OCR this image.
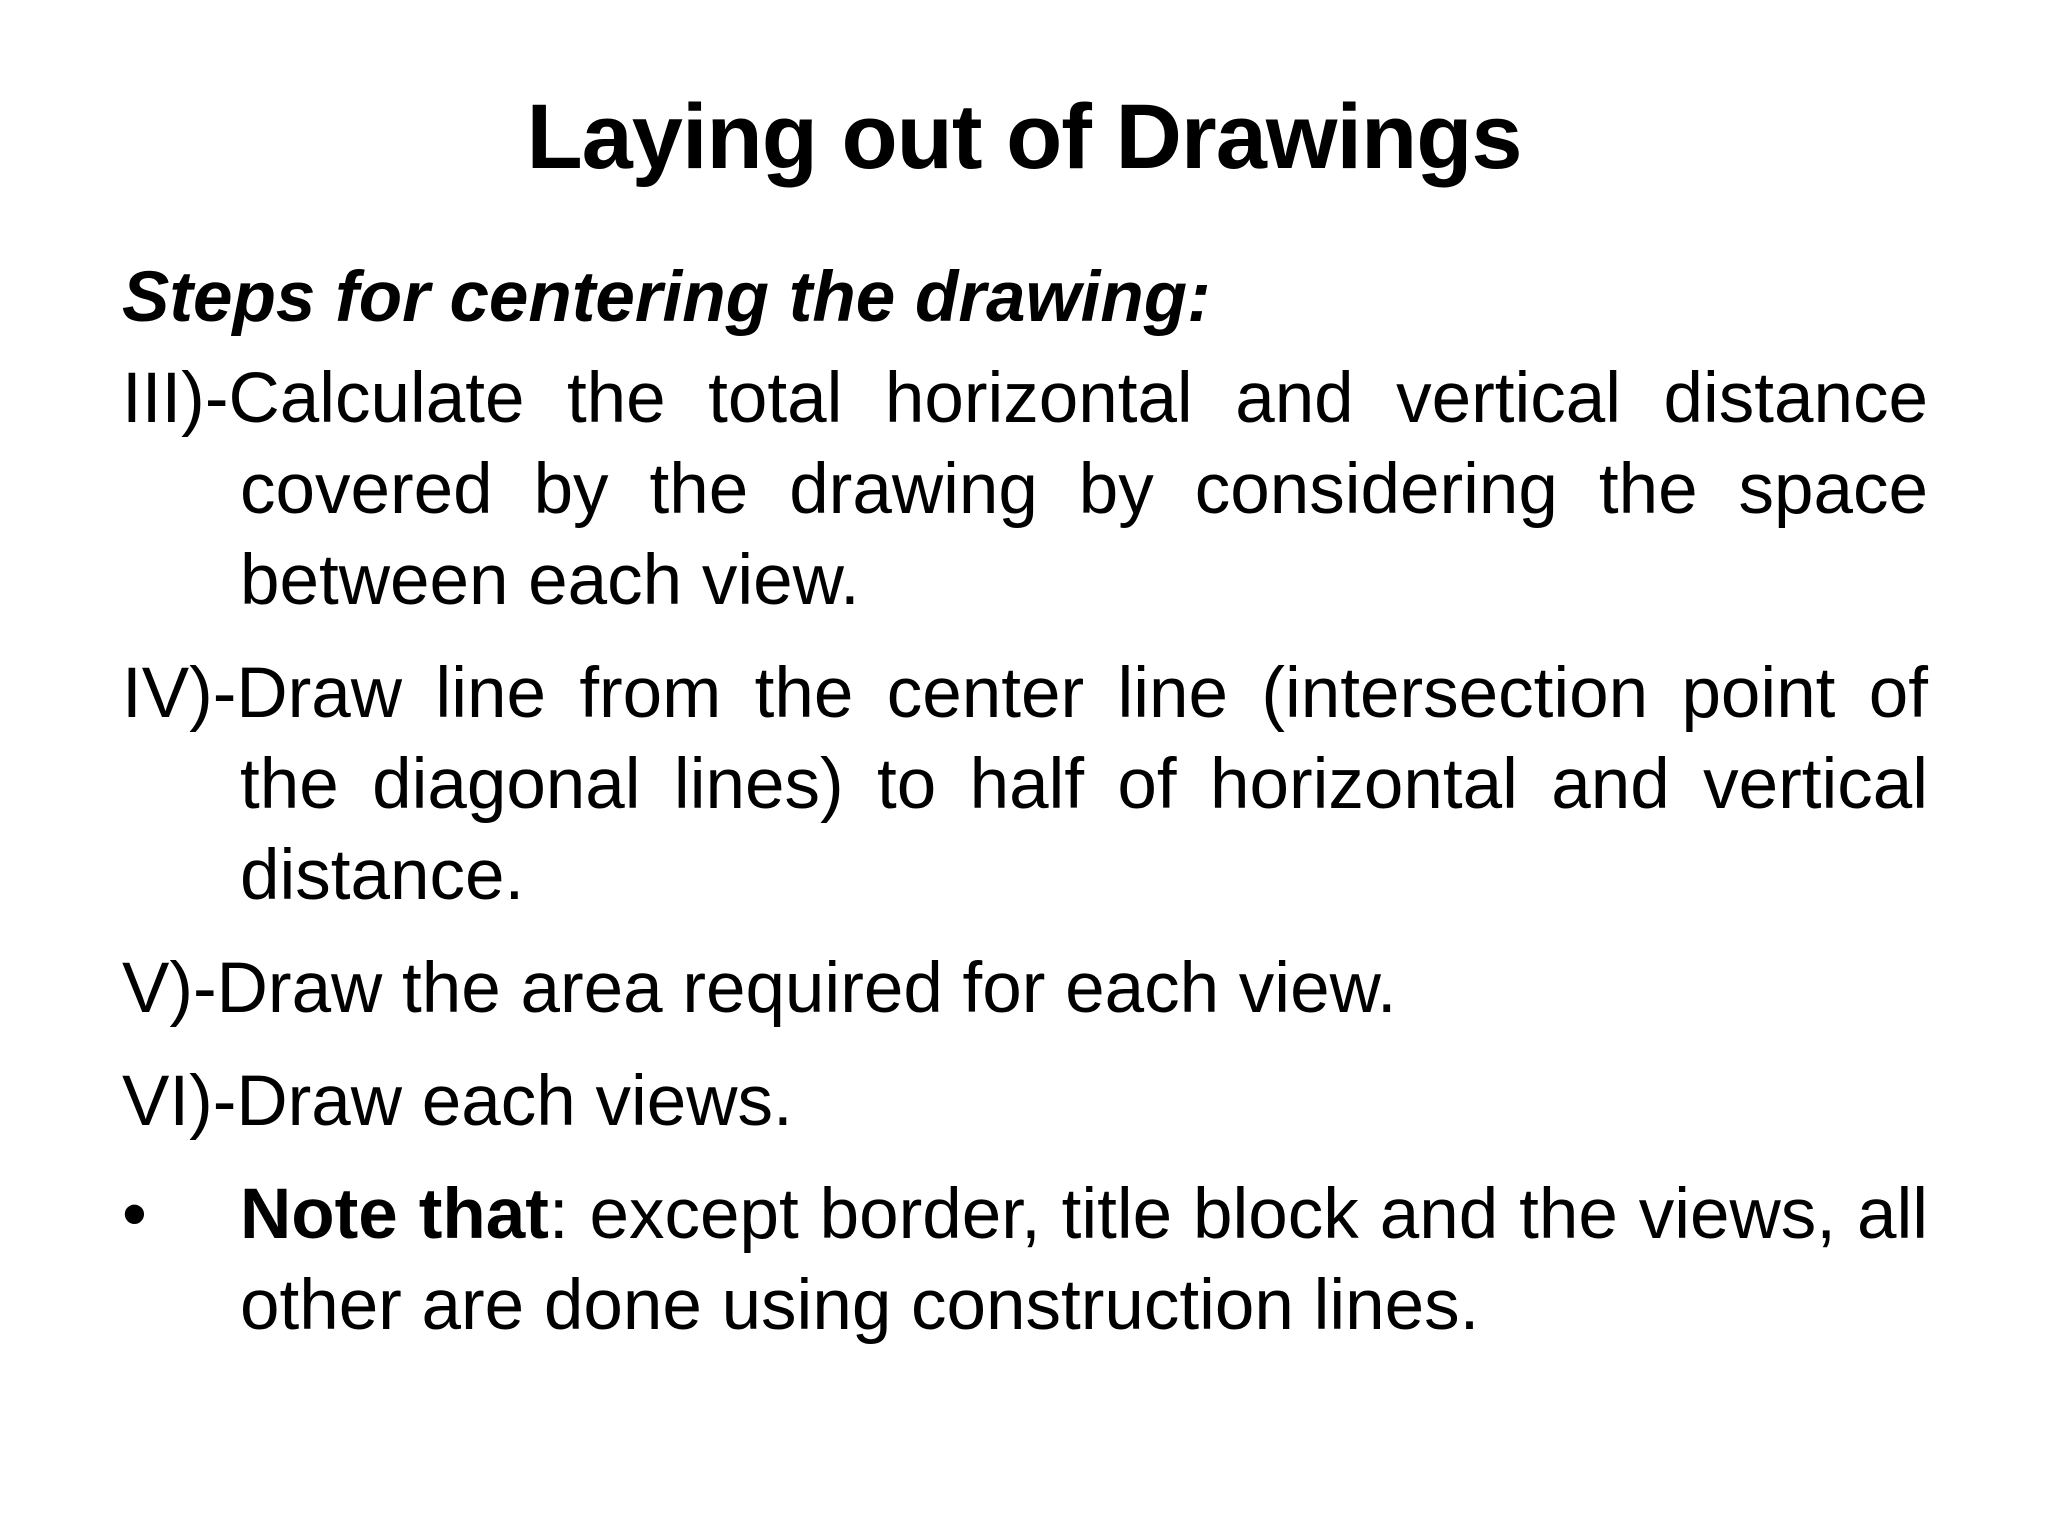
Laying out of Drawings
Steps for centering the drawing:
III)-Calculate the total horizontal and vertical distance covered by the drawing by considering the space between each view.
IV)-Draw line from the center line (intersection point of the diagonal lines) to half of horizontal and vertical distance.
V)-Draw the area required for each view.
VI)-Draw each views.
•	Note that: except border, title block and the views, all other are done using construction lines.
